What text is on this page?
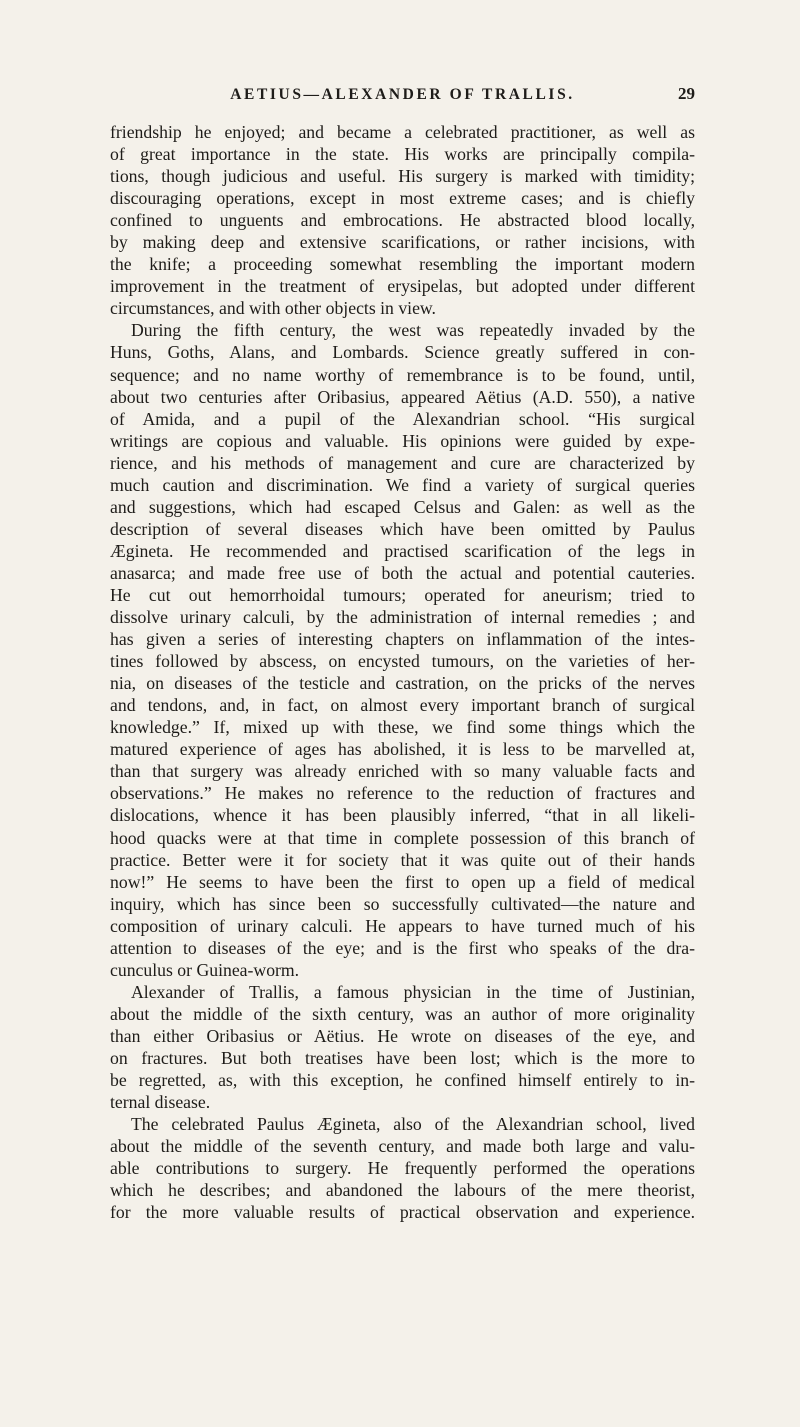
AETIUS—ALEXANDER OF TRALLIS.	29
friendship he enjoyed; and became a celebrated practitioner, as well as
of great importance in the state. His works are principally compila-
tions, though judicious and useful. His surgery is marked with timidity;
discouraging operations, except in most extreme cases; and is chiefly
confined to unguents and embrocations. He abstracted blood locally,
by making deep and extensive scarifications, or rather incisions, with
the knife; a proceeding somewhat resembling the important modern
improvement in the treatment of erysipelas, but adopted under different
circumstances, and with other objects in view.
During the fifth century, the west was repeatedly invaded by the
Huns, Goths, Alans, and Lombards. Science greatly suffered in con-
sequence; and no name worthy of remembrance is to be found, until,
about two centuries after Oribasius, appeared Aëtius (A.D. 550), a native
of Amida, and a pupil of the Alexandrian school. “His surgical
writings are copious and valuable. His opinions were guided by expe-
rience, and his methods of management and cure are characterized by
much caution and discrimination. We find a variety of surgical queries
and suggestions, which had escaped Celsus and Galen: as well as the
description of several diseases which have been omitted by Paulus
Ægineta. He recommended and practised scarification of the legs in
anasarca; and made free use of both the actual and potential cauteries.
He cut out hemorrhoidal tumours; operated for aneurism; tried to
dissolve urinary calculi, by the administration of internal remedies ; and
has given a series of interesting chapters on inflammation of the intes-
tines followed by abscess, on encysted tumours, on the varieties of her-
nia, on diseases of the testicle and castration, on the pricks of the nerves
and tendons, and, in fact, on almost every important branch of surgical
knowledge.” If, mixed up with these, we find some things which the
matured experience of ages has abolished, it is less to be marvelled at,
than that surgery was already enriched with so many valuable facts and
observations.” He makes no reference to the reduction of fractures and
dislocations, whence it has been plausibly inferred, “that in all likeli-
hood quacks were at that time in complete possession of this branch of
practice. Better were it for society that it was quite out of their hands
now!” He seems to have been the first to open up a field of medical
inquiry, which has since been so successfully cultivated—the nature and
composition of urinary calculi. He appears to have turned much of his
attention to diseases of the eye; and is the first who speaks of the dra-
cunculus or Guinea-worm.
Alexander of Trallis, a famous physician in the time of Justinian,
about the middle of the sixth century, was an author of more originality
than either Oribasius or Aëtius. He wrote on diseases of the eye, and
on fractures. But both treatises have been lost; which is the more to
be regretted, as, with this exception, he confined himself entirely to in-
ternal disease.
The celebrated Paulus Ægineta, also of the Alexandrian school, lived
about the middle of the seventh century, and made both large and valu-
able contributions to surgery. He frequently performed the operations
which he describes; and abandoned the labours of the mere theorist,
for the more valuable results of practical observation and experience.
